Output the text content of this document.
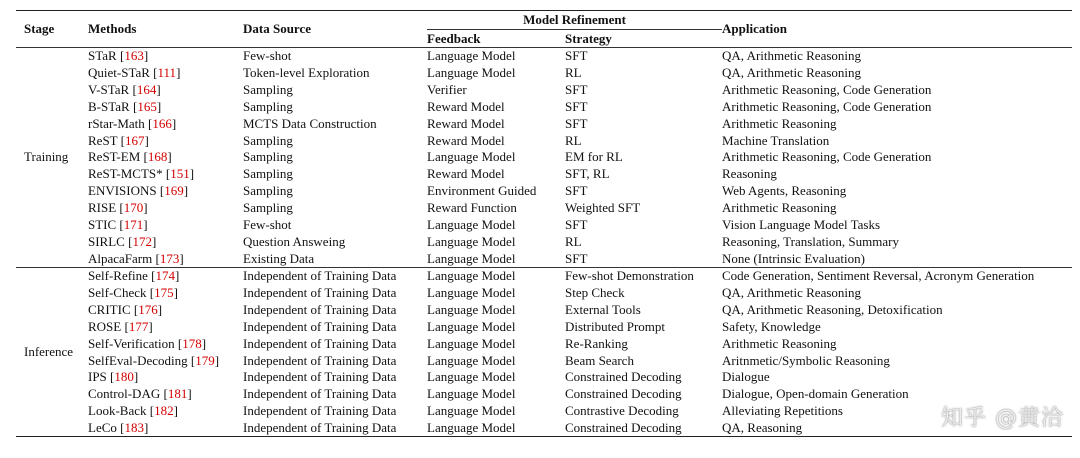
Stage	Methods	Data Source	Model Refinement		Application
			Feedback	Strategy	
Training	STaR [163]	Few-shot	Language Model	SFT	QA, Arithmetic Reasoning
	Quiet-STaR [111]	Token-level Exploration	Language Model	RL	QA, Arithmetic Reasoning
	V-STaR [164]	Sampling	Verifier	SFT	Arithmetic Reasoning, Code Generation
	B-STaR [165]	Sampling	Reward Model	SFT	Arithmetic Reasoning, Code Generation
	rStar-Math [166]	MCTS Data Construction	Reward Model	SFT	Arithmetic Reasoning
	ReST [167]	Sampling	Reward Model	RL	Machine Translation
	ReST-EM [168]	Sampling	Language Model	EM for RL	Arithmetic Reasoning, Code Generation
	ReST-MCTS* [151]	Sampling	Reward Model	SFT, RL	Reasoning
	ENVISIONS [169]	Sampling	Environment Guided	SFT	Web Agents, Reasoning
	RISE [170]	Sampling	Reward Function	Weighted SFT	Arithmetic Reasoning
	STIC [171]	Few-shot	Language Model	SFT	Vision Language Model Tasks
	SIRLC [172]	Question Answeing	Language Model	RL	Reasoning, Translation, Summary
	AlpacaFarm [173]	Existing Data	Language Model	SFT	None (Intrinsic Evaluation)
Inference	Self-Refine [174]	Independent of Training Data	Language Model	Few-shot Demonstration	Code Generation, Sentiment Reversal, Acronym Generation
	Self-Check [175]	Independent of Training Data	Language Model	Step Check	QA, Arithmetic Reasoning
	CRITIC [176]	Independent of Training Data	Language Model	External Tools	QA, Arithmetic Reasoning, Detoxification
	ROSE [177]	Independent of Training Data	Language Model	Distributed Prompt	Safety, Knowledge
	Self-Verification [178]	Independent of Training Data	Language Model	Re-Ranking	Arithmetic Reasoning
	SelfEval-Decoding [179]	Independent of Training Data	Language Model	Beam Search	Aritnmetic/Symbolic Reasoning
	IPS [180]	Independent of Training Data	Language Model	Constrained Decoding	Dialogue
	Control-DAG [181]	Independent of Training Data	Language Model	Constrained Decoding	Dialogue, Open-domain Generation
	Look-Back [182]	Independent of Training Data	Language Model	Contrastive Decoding	Alleviating Repetitions
	LeCo [183]	Independent of Training Data	Language Model	Constrained Decoding	QA, Reasoning	知乎 @黄洽
